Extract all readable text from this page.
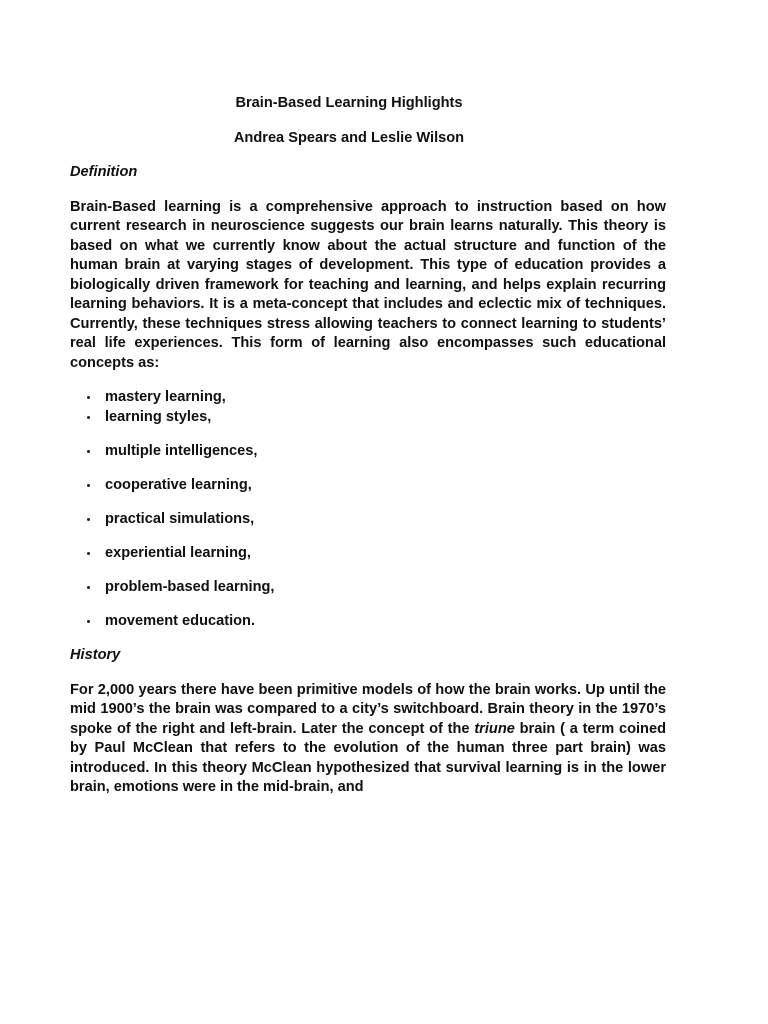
Brain-Based Learning Highlights
Andrea Spears and Leslie Wilson
Definition

Brain-Based learning is a comprehensive approach to instruction based on how current research in neuroscience suggests our brain learns naturally. This theory is based on what we currently know about the actual structure and function of the human brain at varying stages of development. This type of education provides a biologically driven framework for teaching and learning, and helps explain recurring learning behaviors. It is a meta-concept that includes and eclectic mix of techniques. Currently, these techniques stress allowing teachers to connect learning to students’ real life experiences. This form of learning also encompasses such educational concepts as:

mastery learning,
learning styles,
multiple intelligences,
cooperative learning,
practical simulations,
experiential learning,
problem-based learning,
movement education.
History

For 2,000 years there have been primitive models of how the brain works. Up until the mid 1900’s the brain was compared to a city’s switchboard. Brain theory in the 1970’s spoke of the right and left-brain. Later the concept of the triune brain ( a term coined by Paul McClean that refers to the evolution of the human three part brain) was introduced. In this theory McClean hypothesized that survival learning is in the lower brain, emotions were in the mid-brain, and
